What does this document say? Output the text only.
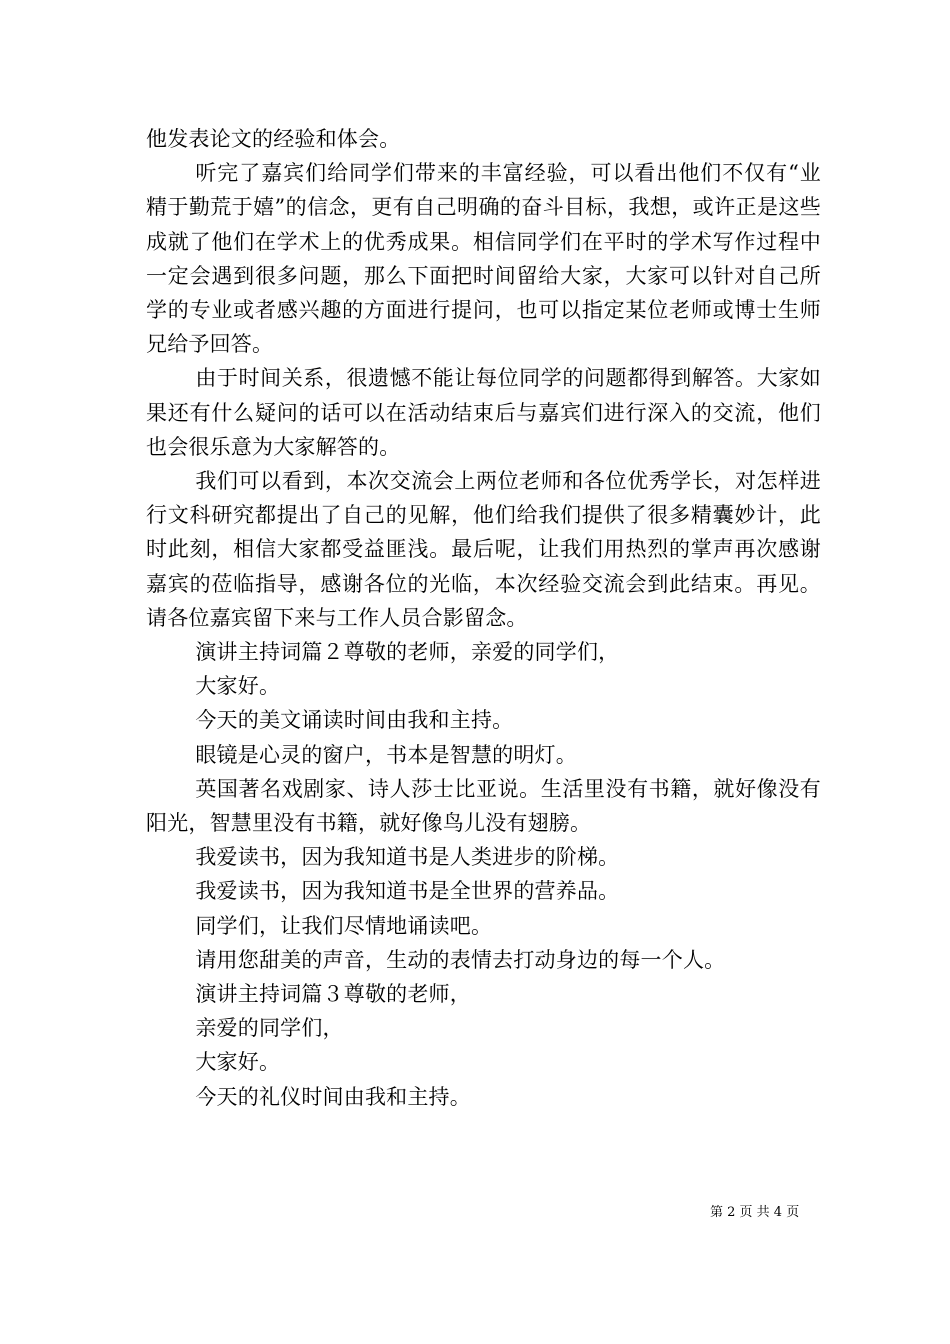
他发表论文的经验和体会。

听完了嘉宾们给同学们带来的丰富经验，可以看出他们不仅有“业精于勤荒于嬉”的信念，更有自己明确的奋斗目标，我想，或许正是这些成就了他们在学术上的优秀成果。相信同学们在平时的学术写作过程中一定会遇到很多问题，那么下面把时间留给大家，大家可以针对自己所学的专业或者感兴趣的方面进行提问，也可以指定某位老师或博士生师兄给予回答。

由于时间关系，很遗憾不能让每位同学的问题都得到解答。大家如果还有什么疑问的话可以在活动结束后与嘉宾们进行深入的交流，他们也会很乐意为大家解答的。

我们可以看到，本次交流会上两位老师和各位优秀学长，对怎样进行文科研究都提出了自己的见解，他们给我们提供了很多精囊妙计，此时此刻，相信大家都受益匪浅。最后呢，让我们用热烈的掌声再次感谢嘉宾的莅临指导，感谢各位的光临，本次经验交流会到此结束。再见。请各位嘉宾留下来与工作人员合影留念。

演讲主持词篇２尊敬的老师，亲爱的同学们，

大家好。

今天的美文诵读时间由我和主持。

眼镜是心灵的窗户，书本是智慧的明灯。

英国著名戏剧家、诗人莎士比亚说。生活里没有书籍，就好像没有阳光，智慧里没有书籍，就好像鸟儿没有翅膀。

我爱读书，因为我知道书是人类进步的阶梯。

我爱读书，因为我知道书是全世界的营养品。

同学们，让我们尽情地诵读吧。

请用您甜美的声音，生动的表情去打动身边的每一个人。

演讲主持词篇３尊敬的老师，

亲爱的同学们，

大家好。

今天的礼仪时间由我和主持。

第 2 页 共 4 页
